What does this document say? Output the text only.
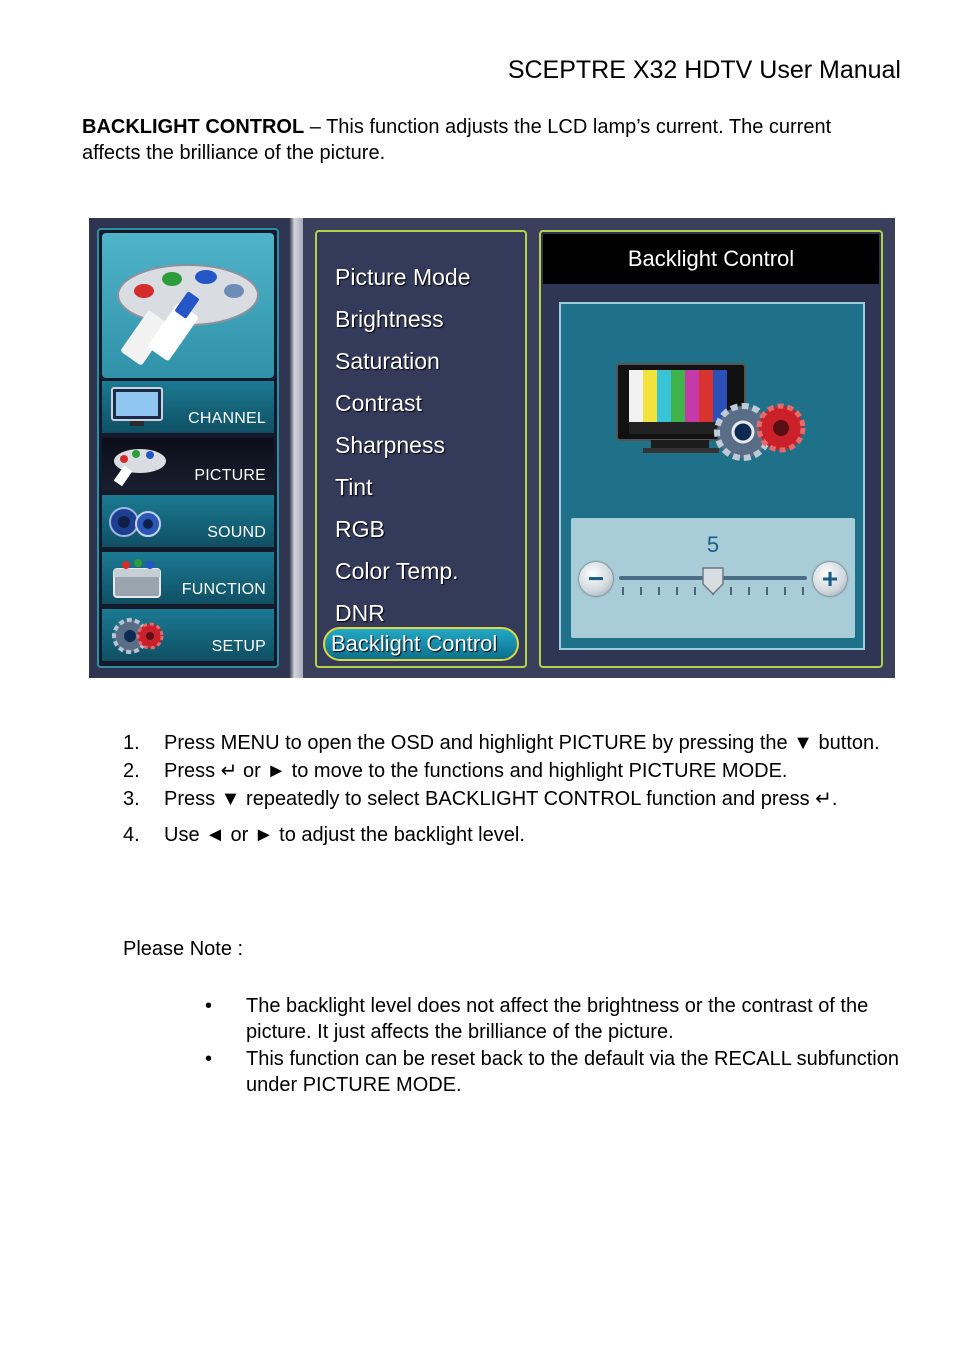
SCEPTRE X32 HDTV User Manual
BACKLIGHT CONTROL – This function adjusts the LCD lamp’s current. The current affects the brilliance of the picture.
CHANNEL
PICTURE
SOUND
FUNCTION
SETUP
Picture Mode
Brightness
Saturation
Contrast
Sharpness
Tint
RGB
Color Temp.
DNR
Backlight Control
Backlight Control
5
−	+
1. Press MENU to open the OSD and highlight PICTURE by pressing the ▼ button.
2. Press ↵ or ► to move to the functions and highlight PICTURE MODE.
3. Press ▼ repeatedly to select BACKLIGHT CONTROL function and press ↵.
4. Use ◄ or ► to adjust the backlight level.
Please Note :
• The backlight level does not affect the brightness or the contrast of the picture. It just affects the brilliance of the picture.
• This function can be reset back to the default via the RECALL subfunction under PICTURE MODE.
